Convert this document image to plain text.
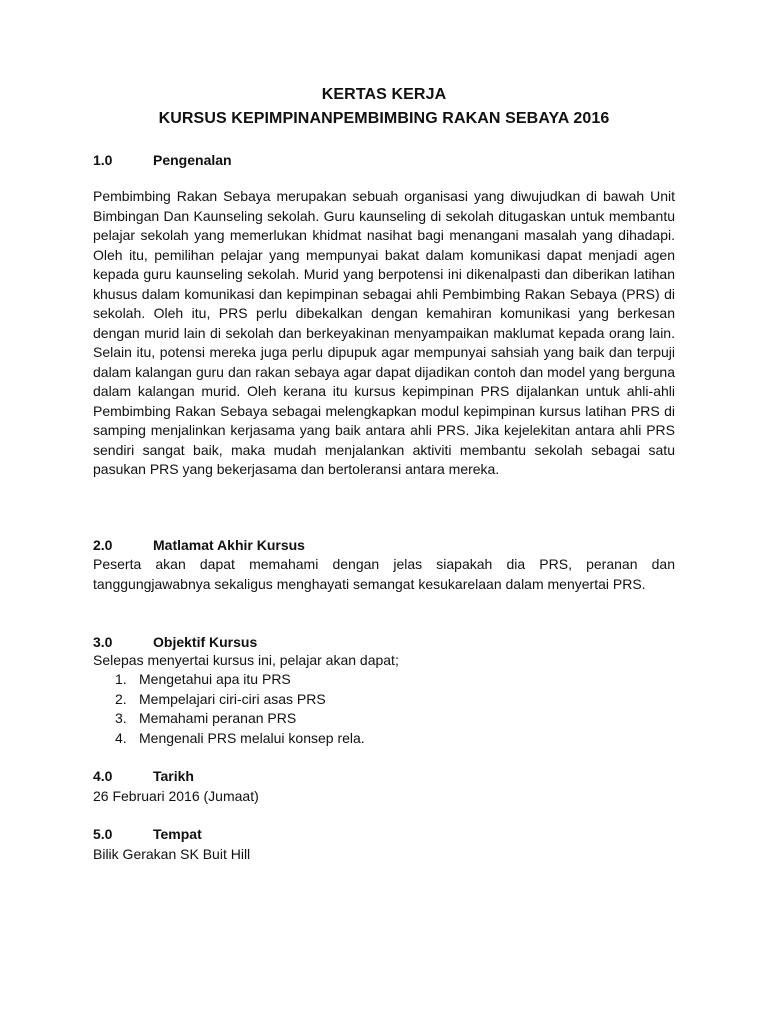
KERTAS KERJA
KURSUS KEPIMPINANPEMBIMBING RAKAN SEBAYA 2016
1.0	Pengenalan
Pembimbing Rakan Sebaya merupakan sebuah organisasi yang diwujudkan di bawah Unit Bimbingan Dan Kaunseling sekolah. Guru kaunseling di sekolah ditugaskan untuk membantu pelajar sekolah yang memerlukan khidmat nasihat bagi menangani masalah yang dihadapi. Oleh itu, pemilihan pelajar yang mempunyai bakat dalam komunikasi dapat menjadi agen kepada guru kaunseling sekolah. Murid yang berpotensi ini dikenalpasti dan diberikan latihan khusus dalam komunikasi dan kepimpinan sebagai ahli Pembimbing Rakan Sebaya (PRS) di sekolah. Oleh itu, PRS perlu dibekalkan dengan kemahiran komunikasi yang berkesan dengan murid lain di sekolah dan berkeyakinan menyampaikan maklumat kepada orang lain. Selain itu, potensi mereka juga perlu dipupuk agar mempunyai sahsiah yang baik dan terpuji dalam kalangan guru dan rakan sebaya agar dapat dijadikan contoh dan model yang berguna dalam kalangan murid. Oleh kerana itu kursus kepimpinan PRS dijalankan untuk ahli-ahli Pembimbing Rakan Sebaya sebagai melengkapkan modul kepimpinan kursus latihan PRS di samping menjalinkan kerjasama yang baik antara ahli PRS. Jika kejelekitan antara ahli PRS sendiri sangat baik, maka mudah menjalankan aktiviti membantu sekolah sebagai satu pasukan PRS yang bekerjasama dan bertoleransi antara mereka.
2.0	Matlamat Akhir Kursus
Peserta akan dapat memahami dengan jelas siapakah dia PRS, peranan dan tanggungjawabnya sekaligus menghayati semangat kesukarelaan dalam menyertai PRS.
3.0	Objektif Kursus
Selepas menyertai kursus ini, pelajar akan dapat;
1. Mengetahui apa itu PRS
2. Mempelajari ciri-ciri asas PRS
3. Memahami peranan PRS
4. Mengenali PRS melalui konsep rela.
4.0	Tarikh
26 Februari 2016 (Jumaat)
5.0	Tempat
Bilik Gerakan SK Buit Hill
